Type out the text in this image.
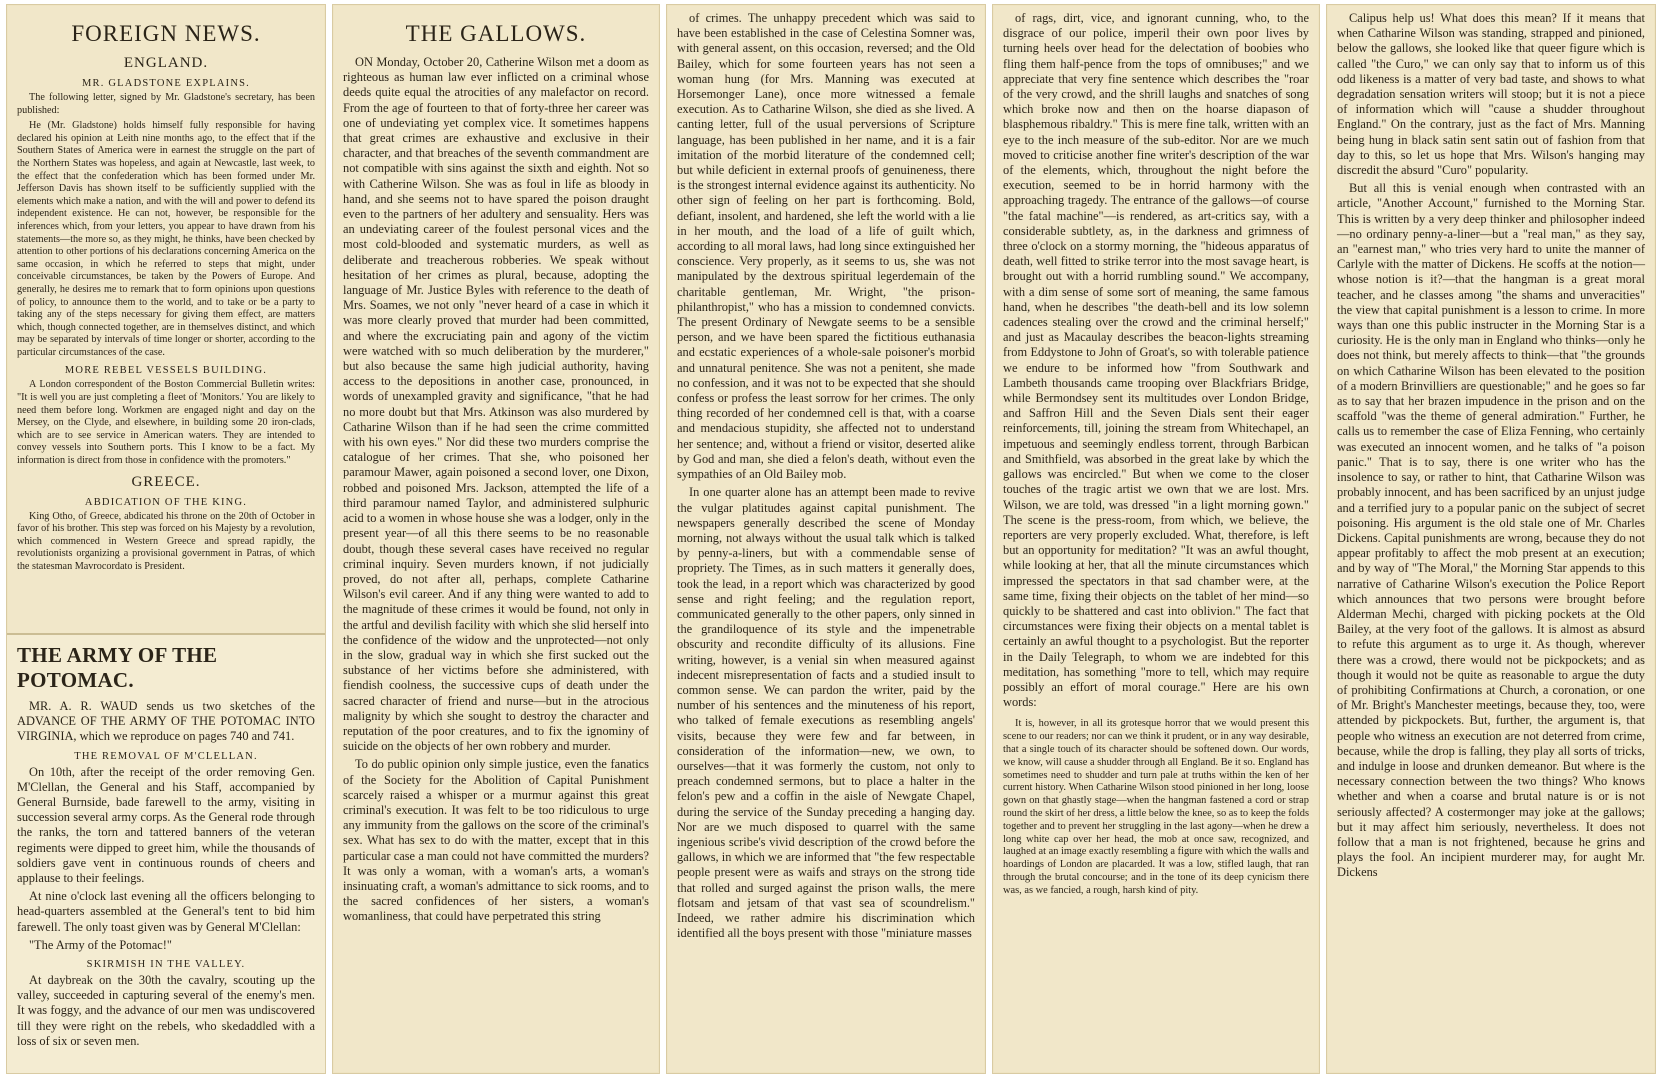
FOREIGN NEWS.
ENGLAND.
MR. GLADSTONE EXPLAINS.

The following letter, signed by Mr. Gladstone's secretary, has been published:

He (Mr. Gladstone) holds himself fully responsible for having declared his opinion at Leith nine months ago, to the effect that if the Southern States of America were in earnest the struggle on the part of the Northern States was hopeless, and again at Newcastle, last week, to the effect that the confederation which has been formed under Mr. Jefferson Davis has shown itself to be sufficiently supplied with the elements which make a nation, and with the will and power to defend its independent existence. He can not, however, be responsible for the inferences which, from your letters, you appear to have drawn from his statements—the more so, as they might, he thinks, have been checked by attention to other portions of his declarations concerning America on the same occasion, in which he referred to steps that might, under conceivable circumstances, be taken by the Powers of Europe. And generally, he desires me to remark that to form opinions upon questions of policy, to announce them to the world, and to take or be a party to taking any of the steps necessary for giving them effect, are matters which, though connected together, are in themselves distinct, and which may be separated by intervals of time longer or shorter, according to the particular circumstances of the case.

MORE REBEL VESSELS BUILDING.

A London correspondent of the Boston Commercial Bulletin writes: "It is well you are just completing a fleet of 'Monitors.' You are likely to need them before long. Workmen are engaged night and day on the Mersey, on the Clyde, and elsewhere, in building some 20 iron-clads, which are to see service in American waters. They are intended to convey vessels into Southern ports. This I know to be a fact. My information is direct from those in confidence with the promoters."

GREECE.
ABDICATION OF THE KING.

King Otho, of Greece, abdicated his throne on the 20th of October in favor of his brother. This step was forced on his Majesty by a revolution, which commenced in Western Greece and spread rapidly, the revolutionists organizing a provisional government in Patras, of which the statesman Mavrocordato is President.

THE ARMY OF THE POTOMAC.

MR. A. R. WAUD sends us two sketches of the ADVANCE OF THE ARMY OF THE POTOMAC INTO VIRGINIA, which we reproduce on pages 740 and 741.

THE REMOVAL OF M'CLELLAN.

On 10th, after the receipt of the order removing Gen. M'Clellan, the General and his Staff, accompanied by General Burnside, bade farewell to the army, visiting in succession several army corps. As the General rode through the ranks, the torn and tattered banners of the veteran regiments were dipped to greet him, while the thousands of soldiers gave vent in continuous rounds of cheers and applause to their feelings.

At nine o'clock last evening all the officers belonging to head-quarters assembled at the General's tent to bid him farewell. The only toast given was by General M'Clellan:

"The Army of the Potomac!"

SKIRMISH IN THE VALLEY.

At daybreak on the 30th the cavalry, scouting up the valley, succeeded in capturing several of the enemy's men. It was foggy, and the advance of our men was undiscovered till they were right on the rebels, who skedaddled with a loss of six or seven men.

THE GALLOWS.

ON Monday, October 20, Catherine Wilson met a doom as righteous as human law ever inflicted on a criminal whose deeds quite equal the atrocities of any malefactor on record. From the age of fourteen to that of forty-three her career was one of undeviating yet complex vice. It sometimes happens that great crimes are exhaustive and exclusive in their character, and that breaches of the seventh commandment are not compatible with sins against the sixth and eighth. Not so with Catherine Wilson. She was as foul in life as bloody in hand, and she seems not to have spared the poison draught even to the partners of her adultery and sensuality. Hers was an undeviating career of the foulest personal vices and the most cold-blooded and systematic murders, as well as deliberate and treacherous robberies. We speak without hesitation of her crimes as plural, because, adopting the language of Mr. Justice Byles with reference to the death of Mrs. Soames, we not only "never heard of a case in which it was more clearly proved that murder had been committed, and where the excruciating pain and agony of the victim were watched with so much deliberation by the murderer," but also because the same high judicial authority, having access to the depositions in another case, pronounced, in words of unexampled gravity and significance, "that he had no more doubt but that Mrs. Atkinson was also murdered by Catharine Wilson than if he had seen the crime committed with his own eyes." Nor did these two murders comprise the catalogue of her crimes. That she, who poisoned her paramour Mawer, again poisoned a second lover, one Dixon, robbed and poisoned Mrs. Jackson, attempted the life of a third paramour named Taylor, and administered sulphuric acid to a women in whose house she was a lodger, only in the present year—of all this there seems to be no reasonable doubt, though these several cases have received no regular criminal inquiry. Seven murders known, if not judicially proved, do not after all, perhaps, complete Catharine Wilson's evil career. And if any thing were wanted to add to the magnitude of these crimes it would be found, not only in the artful and devilish facility with which she slid herself into the confidence of the widow and the unprotected—not only in the slow, gradual way in which she first sucked out the substance of her victims before she administered, with fiendish coolness, the successive cups of death under the sacred character of friend and nurse—but in the atrocious malignity by which she sought to destroy the character and reputation of the poor creatures, and to fix the ignominy of suicide on the objects of her own robbery and murder.

To do public opinion only simple justice, even the fanatics of the Society for the Abolition of Capital Punishment scarcely raised a whisper or a murmur against this great criminal's execution. It was felt to be too ridiculous to urge any immunity from the gallows on the score of the criminal's sex. What has sex to do with the matter, except that in this particular case a man could not have committed the murders? It was only a woman, with a woman's arts, a woman's insinuating craft, a woman's admittance to sick rooms, and to the sacred confidences of her sisters, a woman's womanliness, that could have perpetrated this string

of crimes. The unhappy precedent which was said to have been established in the case of Celestina Somner was, with general assent, on this occasion, reversed; and the Old Bailey, which for some fourteen years has not seen a woman hung (for Mrs. Manning was executed at Horsemonger Lane), once more witnessed a female execution. As to Catharine Wilson, she died as she lived. A canting letter, full of the usual perversions of Scripture language, has been published in her name, and it is a fair imitation of the morbid literature of the condemned cell; but while deficient in external proofs of genuineness, there is the strongest internal evidence against its authenticity. No other sign of feeling on her part is forthcoming. Bold, defiant, insolent, and hardened, she left the world with a lie in her mouth, and the load of a life of guilt which, according to all moral laws, had long since extinguished her conscience. Very properly, as it seems to us, she was not manipulated by the dextrous spiritual legerdemain of the charitable gentleman, Mr. Wright, "the prison-philanthropist," who has a mission to condemned convicts. The present Ordinary of Newgate seems to be a sensible person, and we have been spared the fictitious euthanasia and ecstatic experiences of a whole-sale poisoner's morbid and unnatural penitence. She was not a penitent, she made no confession, and it was not to be expected that she should confess or profess the least sorrow for her crimes. The only thing recorded of her condemned cell is that, with a coarse and mendacious stupidity, she affected not to understand her sentence; and, without a friend or visitor, deserted alike by God and man, she died a felon's death, without even the sympathies of an Old Bailey mob.

In one quarter alone has an attempt been made to revive the vulgar platitudes against capital punishment. The newspapers generally described the scene of Monday morning, not always without the usual talk which is talked by penny-a-liners, but with a commendable sense of propriety. The Times, as in such matters it generally does, took the lead, in a report which was characterized by good sense and right feeling; and the regulation report, communicated generally to the other papers, only sinned in the grandiloquence of its style and the impenetrable obscurity and recondite difficulty of its allusions. Fine writing, however, is a venial sin when measured against indecent misrepresentation of facts and a studied insult to common sense. We can pardon the writer, paid by the number of his sentences and the minuteness of his report, who talked of female executions as resembling angels' visits, because they were few and far between, in consideration of the information—new, we own, to ourselves—that it was formerly the custom, not only to preach condemned sermons, but to place a halter in the felon's pew and a coffin in the aisle of Newgate Chapel, during the service of the Sunday preceding a hanging day. Nor are we much disposed to quarrel with the same ingenious scribe's vivid description of the crowd before the gallows, in which we are informed that "the few respectable people present were as waifs and strays on the strong tide that rolled and surged against the prison walls, the mere flotsam and jetsam of that vast sea of scoundrelism." Indeed, we rather admire his discrimination which identified all the boys present with those "miniature masses

of rags, dirt, vice, and ignorant cunning, who, to the disgrace of our police, imperil their own poor lives by turning heels over head for the delectation of boobies who fling them half-pence from the tops of omnibuses;" and we appreciate that very fine sentence which describes the "roar of the very crowd, and the shrill laughs and snatches of song which broke now and then on the hoarse diapason of blasphemous ribaldry." This is mere fine talk, written with an eye to the inch measure of the sub-editor. Nor are we much moved to criticise another fine writer's description of the war of the elements, which, throughout the night before the execution, seemed to be in horrid harmony with the approaching tragedy. The entrance of the gallows—of course "the fatal machine"—is rendered, as art-critics say, with a considerable subtlety, as, in the darkness and grimness of three o'clock on a stormy morning, the "hideous apparatus of death, well fitted to strike terror into the most savage heart, is brought out with a horrid rumbling sound." We accompany, with a dim sense of some sort of meaning, the same famous hand, when he describes "the death-bell and its low solemn cadences stealing over the crowd and the criminal herself;" and just as Macaulay describes the beacon-lights streaming from Eddystone to John of Groat's, so with tolerable patience we endure to be informed how "from Southwark and Lambeth thousands came trooping over Blackfriars Bridge, while Bermondsey sent its multitudes over London Bridge, and Saffron Hill and the Seven Dials sent their eager reinforcements, till, joining the stream from Whitechapel, an impetuous and seemingly endless torrent, through Barbican and Smithfield, was absorbed in the great lake by which the gallows was encircled." But when we come to the closer touches of the tragic artist we own that we are lost. Mrs. Wilson, we are told, was dressed "in a light morning gown." The scene is the press-room, from which, we believe, the reporters are very properly excluded. What, therefore, is left but an opportunity for meditation? "It was an awful thought, while looking at her, that all the minute circumstances which impressed the spectators in that sad chamber were, at the same time, fixing their objects on the tablet of her mind—so quickly to be shattered and cast into oblivion." The fact that circumstances were fixing their objects on a mental tablet is certainly an awful thought to a psychologist. But the reporter in the Daily Telegraph, to whom we are indebted for this meditation, has something "more to tell, which may require possibly an effort of moral courage." Here are his own words:

It is, however, in all its grotesque horror that we would present this scene to our readers; nor can we think it prudent, or in any way desirable, that a single touch of its character should be softened down. Our words, we know, will cause a shudder through all England. Be it so. England has sometimes need to shudder and turn pale at truths within the ken of her current history. When Catharine Wilson stood pinioned in her long, loose gown on that ghastly stage—when the hangman fastened a cord or strap round the skirt of her dress, a little below the knee, so as to keep the folds together and to prevent her struggling in the last agony—when he drew a long white cap over her head, the mob at once saw, recognized, and laughed at an image exactly resembling a figure with which the walls and hoardings of London are placarded. It was a low, stifled laugh, that ran through the brutal concourse; and in the tone of its deep cynicism there was, as we fancied, a rough, harsh kind of pity.

Calipus help us! What does this mean? If it means that when Catharine Wilson was standing, strapped and pinioned, below the gallows, she looked like that queer figure which is called "the Curo," we can only say that to inform us of this odd likeness is a matter of very bad taste, and shows to what degradation sensation writers will stoop; but it is not a piece of information which will "cause a shudder throughout England." On the contrary, just as the fact of Mrs. Manning being hung in black satin sent satin out of fashion from that day to this, so let us hope that Mrs. Wilson's hanging may discredit the absurd "Curo" popularity.

But all this is venial enough when contrasted with an article, "Another Account," furnished to the Morning Star. This is written by a very deep thinker and philosopher indeed—no ordinary penny-a-liner—but a "real man," as they say, an "earnest man," who tries very hard to unite the manner of Carlyle with the matter of Dickens. He scoffs at the notion—whose notion is it?—that the hangman is a great moral teacher, and he classes among "the shams and unveracities" the view that capital punishment is a lesson to crime. In more ways than one this public instructer in the Morning Star is a curiosity. He is the only man in England who thinks—only he does not think, but merely affects to think—that "the grounds on which Catharine Wilson has been elevated to the position of a modern Brinvilliers are questionable;" and he goes so far as to say that her brazen impudence in the prison and on the scaffold "was the theme of general admiration." Further, he calls us to remember the case of Eliza Fenning, who certainly was executed an innocent women, and he talks of "a poison panic." That is to say, there is one writer who has the insolence to say, or rather to hint, that Catharine Wilson was probably innocent, and has been sacrificed by an unjust judge and a terrified jury to a popular panic on the subject of secret poisoning. His argument is the old stale one of Mr. Charles Dickens. Capital punishments are wrong, because they do not appear profitably to affect the mob present at an execution; and by way of "The Moral," the Morning Star appends to this narrative of Catharine Wilson's execution the Police Report which announces that two persons were brought before Alderman Mechi, charged with picking pockets at the Old Bailey, at the very foot of the gallows. It is almost as absurd to refute this argument as to urge it. As though, wherever there was a crowd, there would not be pickpockets; and as though it would not be quite as reasonable to argue the duty of prohibiting Confirmations at Church, a coronation, or one of Mr. Bright's Manchester meetings, because they, too, were attended by pickpockets. But, further, the argument is, that people who witness an execution are not deterred from crime, because, while the drop is falling, they play all sorts of tricks, and indulge in loose and drunken demeanor. But where is the necessary connection between the two things? Who knows whether and when a coarse and brutal nature is or is not seriously affected? A costermonger may joke at the gallows; but it may affect him seriously, nevertheless. It does not follow that a man is not frightened, because he grins and plays the fool. An incipient murderer may, for aught Mr. Dickens
